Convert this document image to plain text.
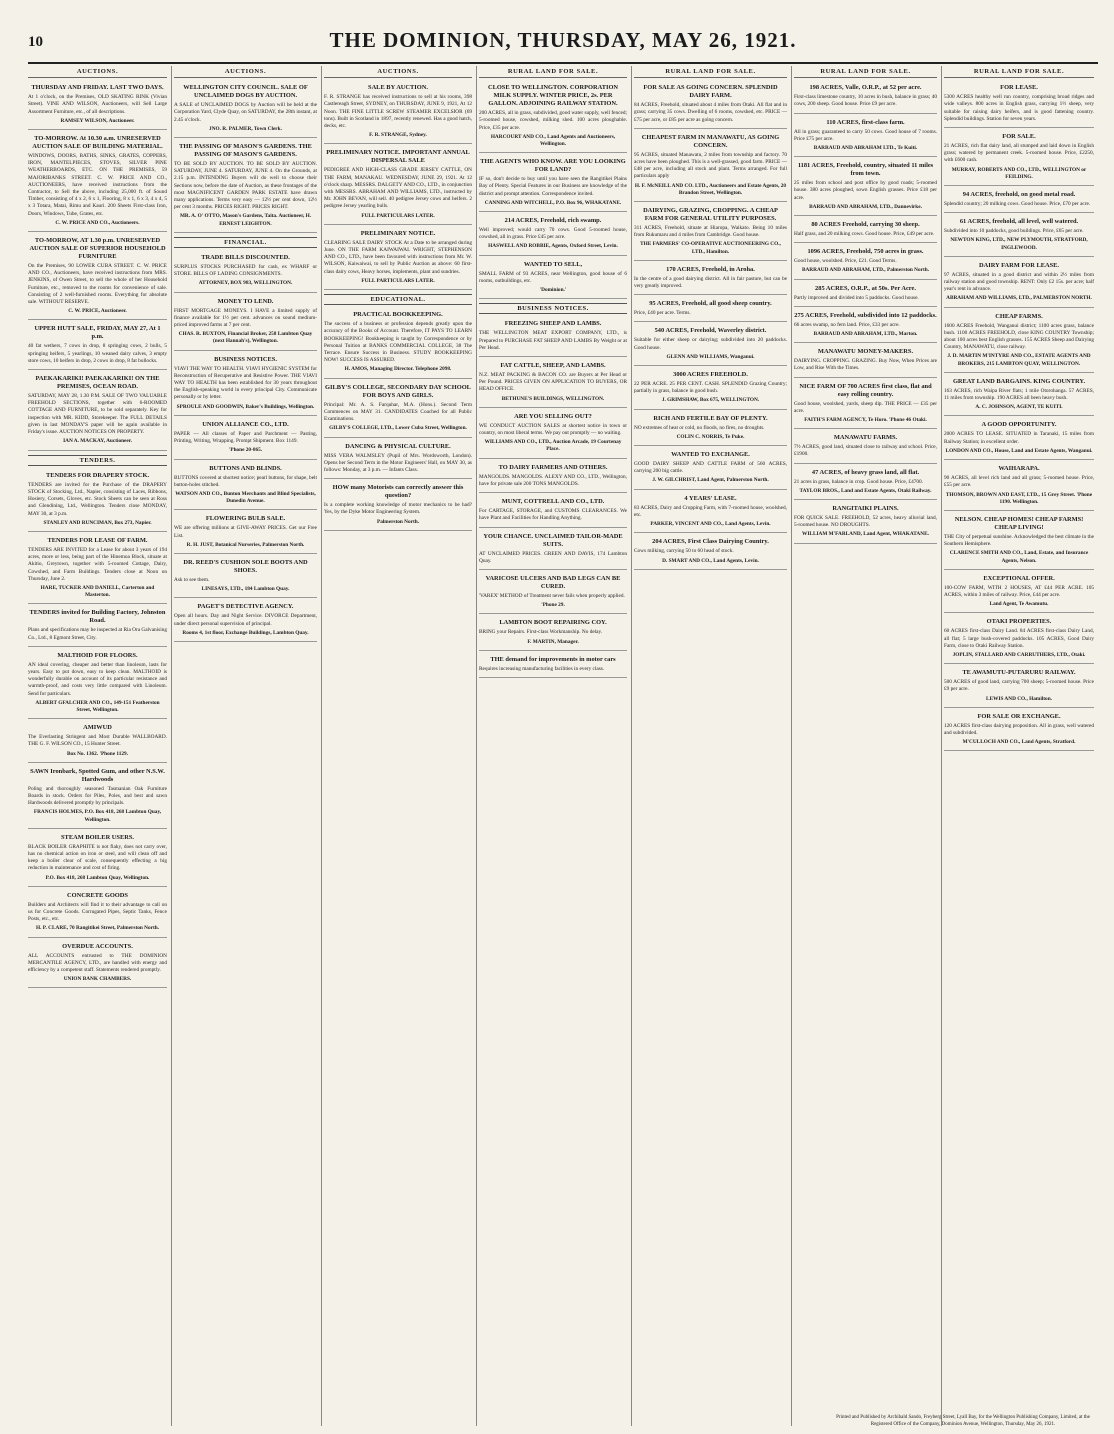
10	THE DOMINION, THURSDAY, MAY 26, 1921.
AUCTIONS.
THURSDAY AND FRIDAY. LAST TWO DAYS.
At 1 o'clock, on the Premises, OLD SKATING RINK (Vivian Street). VINE AND WILSON, Auctioneers, will Sell Large Assortment Furniture, etc., of all descriptions.
RAMSEY WILSON, Auctioneer.
TO-MORROW. At 10.30 a.m. UNRESERVED AUCTION SALE OF BUILDING MATERIAL.
WINDOWS, DOORS, BATHS, SINKS, GRATES, COPPERS, IRON, MANTELPIECES, STOVES, SILVER PINE WEATHERBOARDS, ETC. ON THE PREMISES, 59 MAJORIBANKS STREET. C. W. PRICE AND CO., AUCTIONEERS, have received instructions from the Contractor, to Sell the above, including 25,000 ft. of Sound Timber, consisting of 4 x 2, 6 x 1, Flooring, 8 x 1, 6 x 3, 4 x 4, 5 x 3 Totara, Matai, Rimu and Kauri. 200 Sheets First-class Iron, Doors, Windows, Tube, Grates, etc.
C. W. PRICE AND CO., Auctioneers.
TO-MORROW, AT 1.30 p.m. UNRESERVED AUCTION SALE OF SUPERIOR HOUSEHOLD FURNITURE
On the Premises, 90 LOWER CUBA STREET. C. W. PRICE AND CO., Auctioneers, have received instructions from MRS. JENKINS, of Owen Street, to sell the whole of her Household Furniture, etc., removed to the rooms for convenience of sale. Consisting of 2 well-furnished rooms. Everything for absolute sale. WITHOUT RESERVE.
C. W. PRICE, Auctioneer.
UPPER HUTT SALE, FRIDAY, MAY 27, At 1 p.m.
40 fat wethers, 7 cows in drop, 8 springing cows, 2 bulls, 5 springing heifers, 5 yearlings, 10 weaned dairy calves, 3 empty store cows, 10 heifers in drop, 2 cows in drop, 8 fat bullocks.
PAEKAKARIKI! PAEKAKARIKI! ON THE PREMISES, OCEAN ROAD.
SATURDAY, MAY 28, 1.30 P.M. SALE OF TWO VALUABLE FREEHOLD SECTIONS, together with 6-ROOMED COTTAGE AND FURNITURE, to be sold separately. Key for inspection with MR. KIDD, Storekeeper. The FULL DETAILS given in last MONDAY'S paper will be again available in Friday's issue. AUCTION NOTICES ON PROPERTY.
IAN A. MACKAY, Auctioneer.
TENDERS.
TENDERS FOR DRAPERY STOCK.
TENDERS are invited for the Purchase of the DRAPERY STOCK of Stocking, Ltd., Napier, consisting of Laces, Ribbons, Hosiery, Corsets, Gloves, etc. Stock Sheets can be seen at Ross and Glendining, Ltd., Wellington. Tenders close MONDAY, MAY 30, at 3 p.m.
STANLEY AND RUNCIMAN, Box 273, Napier.
TENDERS FOR LEASE OF FARM.
TENDERS ARE INVITED for a Lease for about 3 years of 194 acres, more or less, being part of the Hinemoa Block, situate at Akitio, Greytown, together with 5-roomed Cottage, Dairy, Cowshed, and Farm Buildings. Tenders close at Noon on Thursday, June 2.
HARE, TUCKER AND DANIELL, Carterton and Masterton.
TENDERS invited for Building Factory, Johnston Road.
Plans and specifications may be inspected at Ria Ora Galvanising Co., Ltd., 8 Egmont Street, City.
MALTHOID FOR FLOORS.
AN ideal covering, cheaper and better than linoleum, lasts for years. Easy to put down, easy to keep clean. MALTHOID is wonderfully durable on account of its particular resistance and warmth-proof, and costs very little compared with Linoleum. Send for particulars.
ALBERT GFALCHER AND CO., 149-151 Featherston Street, Wellington.
AMIWUD
The Everlasting Stringent and Most Durable WALLBOARD. THE G. F. WILSON CO., 15 Hunter Street.
Box No. 1362. 'Phone 1129.
SAWN Ironbark, Spotted Gum, and other N.S.W. Hardwoods
Poling and thoroughly seasoned Tasmanian Oak Furniture Boards in stock. Orders for Piles, Poles, and best and sawn Hardwoods delivered promptly by principals.
FRANCIS HOLMES, P.O. Box 418, 268 Lambton Quay, Wellington.
STEAM BOILER USERS.
BLACK BOILER GRAPHITE is not flaky, does not carry over, has no chemical action on iron or steel, and will clean off and keep a boiler clear of scale, consequently effecting a big reduction in maintenance and cost of firing.
P.O. Box 418, 268 Lambton Quay, Wellington.
CONCRETE GOODS
Builders and Architects will find it to their advantage to call on us for Concrete Goods. Corrugated Pipes, Septic Tanks, Fence Posts, etc., etc.
H. P. CLARE, 70 Rangitikei Street, Palmerston North.
OVERDUE ACCOUNTS.
ALL ACCOUNTS entrusted to THE DOMINION MERCANTILE AGENCY, LTD., are handled with energy and efficiency by a competent staff. Statements rendered promptly.
UNION BANK CHAMBERS.
AUCTIONS.
WELLINGTON CITY COUNCIL. SALE OF UNCLAIMED DOGS BY AUCTION.
A SALE of UNCLAIMED DOGS by Auction will be held at the Corporation Yard, Clyde Quay, on SATURDAY, the 28th instant, at 2.45 o'clock.
JNO. R. PALMER, Town Clerk.
THE PASSING OF MASON'S GARDENS. THE PASSING OF MASON'S GARDENS.
TO BE SOLD BY AUCTION. TO BE SOLD BY AUCTION. SATURDAY, JUNE 4. SATURDAY, JUNE 4. On the Grounds, at 2.15 p.m. INTENDING Buyers will do well to choose their Sections now, before the date of Auction, as these frontages of the most MAGNIFICENT GARDEN PARK ESTATE have drawn many applications. Terms very easy — 12½ per cent down, 12½ per cent 3 months. PRICES RIGHT. PRICES RIGHT.
MR. A. O' OTTO, Mason's Gardens, Taita. Auctioneer, H. ERNEST LEIGHTON.
FINANCIAL.
TRADE BILLS DISCOUNTED.
SURPLUS STOCKS PURCHASED for cash, ex WHARF or STORE. BILLS OF LADING CONSIGNMENTS.
ATTORNEY, BOX 983, WELLINGTON.
MONEY TO LEND.
FIRST MORTGAGE MONEYS. I HAVE a limited supply of finance available for 1½ per cent. advances on sound medium-priced improved farms at 7 per cent.
CHAS. R. BUXTON, Financial Broker, 258 Lambton Quay (next Hannah's), Wellington.
BUSINESS NOTICES.
VIAVI THE WAY TO HEALTH. VIAVI HYGIENIC SYSTEM for Reconstruction of Recuperative and Resistive Power. THE VIAVI WAY TO HEALTH has been established for 30 years throughout the English-speaking world in every principal City. Communicate personally or by letter.
SPROULE AND GOODWIN, Baker's Buildings, Wellington.
UNION ALLIANCE CO., LTD.
PAPER — All classes of Paper and Parchment — Pasting, Printing, Writing, Wrapping. Prompt Shipment. Box 1149.
'Phone 20-865.
BUTTONS AND BLINDS.
BUTTONS covered at shortest notice; pearl buttons, for shape, belt button-holes stitched.
WATSON AND CO., Bunton Merchants and Blind Specialists, Dunedin Avenue.
FLOWERING BULB SALE.
WE are offering millions at GIVE-AWAY PRICES. Get our Free List.
R. H. JUST, Botanical Nurseries, Palmerston North.
DR. REED'S CUSHION SOLE BOOTS AND SHOES.
Ask to see them.
LINESAYS, LTD., 184 Lambton Quay.
PAGET'S DETECTIVE AGENCY.
Open all hours. Day and Night Service. DIVORCE Department, under direct personal supervision of principal.
Rooms 4, 1st floor, Exchange Buildings, Lambton Quay.
AUCTIONS.
SALE BY AUCTION.
F. R. STRANGE has received instructions to sell at his rooms, 398 Castlereagh Street, SYDNEY, on THURSDAY, JUNE 9, 1921, At 12 Noon. THE FINE LITTLE SCREW STEAMER EXCELSIOR (69 tons). Built in Scotland in 1897, recently renewed. Has a good hatch, decks, etc.
F. R. STRANGE, Sydney.
PRELIMINARY NOTICE. IMPORTANT ANNUAL DISPERSAL SALE
PEDIGREE AND HIGH-CLASS GRADE JERSEY CATTLE, ON THE FARM, MANAKAU. WEDNESDAY, JUNE 29, 1921. At 12 o'clock sharp. MESSRS. DALGETY AND CO., LTD., in conjunction with MESSRS. ABRAHAM AND WILLIAMS, LTD., instructed by Mr. JOHN BEVAN, will sell. 40 pedigree Jersey cows and heifers. 2 pedigree Jersey yearling bulls.
FULL PARTICULARS LATER.
PRELIMINARY NOTICE.
CLEARING SALE DAIRY STOCK At a Date to be arranged during June. ON THE FARM KAIWAIWAI. WRIGHT, STEPHENSON AND CO., LTD., have been favoured with instructions from Mr. W. WILSON, Kaiwaiwai, to sell by Public Auction as above: 60 first-class dairy cows, Heavy horses, implements, plant and sundries.
FULL PARTICULARS LATER.
EDUCATIONAL.
PRACTICAL BOOKKEEPING.
The success of a business or profession depends greatly upon the accuracy of the Books of Account. Therefore, IT PAYS TO LEARN BOOKKEEPING! Bookkeeping is taught by Correspondence or by Personal Tuition at BANKS COMMERCIAL COLLEGE, 38 The Terrace. Ensure Success in Business. STUDY BOOKKEEPING NOW! SUCCESS IS ASSURED.
H. AMOS, Managing Director. Telephone 2098.
GILBY'S COLLEGE, SECONDARY DAY SCHOOL FOR BOYS AND GIRLS.
Principal: Mr. A. S. Farquhar, M.A. (Hons.). Second Term Commences on MAY 31. CANDIDATES Coached for all Public Examinations.
GILBY'S COLLEGE, LTD., Lower Cuba Street, Wellington.
DANCING & PHYSICAL CULTURE.
MISS VERA WALMSLEY (Pupil of Mrs. Wordsworth, London). Opens her Second Term in the Motor Engineers' Hall, on MAY 30, as follows: Monday, at 3 p.m. — Infants Class.
HOW many Motorists can correctly answer this question?
Is a complete working knowledge of motor mechanics to be had? Yes, by the Dyke Motor Engineering System.
Palmerston North.
RURAL LAND FOR SALE.
CLOSE TO WELLINGTON. CORPORATION MILK SUPPLY. WINTER PRICE, 2s. PER GALLON. ADJOINING RAILWAY STATION.
200 ACRES, all in grass, subdivided, good water supply, well fenced; 5-roomed house, cowshed, milking shed. 100 acres ploughable. Price, £35 per acre.
HARCOURT AND CO., Land Agents and Auctioneers, Wellington.
THE AGENTS WHO KNOW. ARE YOU LOOKING FOR LAND?
IF so, don't decide to buy until you have seen the Rangitikei Plains Bay of Plenty. Special Features in our Business are knowledge of the district and prompt attention. Correspondence invited.
CANNING AND WITCHELL, P.O. Box 96, WHAKATANE.
214 ACRES, Freehold, rich swamp.
Well improved; would carry 70 cows. Good 5-roomed house, cowshed, all in grass. Price £45 per acre.
HASWELL AND ROBBIE, Agents, Oxford Street, Levin.
WANTED TO SELL,
SMALL FARM of 93 ACRES, near Wellington, good house of 6 rooms, outbuildings, etc.
'Dominion.'
BUSINESS NOTICES.
FREEZING SHEEP AND LAMBS.
THE WELLINGTON MEAT EXPORT COMPANY, LTD., is Prepared to PURCHASE FAT SHEEP AND LAMBS By Weight or at Per Head.
FAT CATTLE, SHEEP, AND LAMBS.
N.Z. MEAT PACKING & BACON CO. are Buyers at Per Head or Per Pound. PRICES GIVEN ON APPLICATION TO BUYERS, OR HEAD OFFICE.
BETHUNE'S BUILDINGS, WELLINGTON.
ARE YOU SELLING OUT?
WE CONDUCT AUCTION SALES at shortest notice in town or country, on most liberal terms. We pay out promptly — no waiting.
WILLIAMS AND CO., LTD., Auction Arcade, 19 Courtenay Place.
TO DAIRY FARMERS AND OTHERS.
MANGOLDS. MANGOLDS. ALEXY AND CO., LTD., Wellington, have for private sale 200 TONS MANGOLDS.
MUNT, COTTRELL AND CO., LTD.
For CARTAGE, STORAGE, and CUSTOMS CLEARANCES. We have Plant and Facilities for Handling Anything.
YOUR CHANCE. UNCLAIMED TAILOR-MADE SUITS.
AT UNCLAIMED PRICES. GREEN AND DAVIS, 174 Lambton Quay.
VARICOSE ULCERS AND BAD LEGS CAN BE CURED.
'VAREX' METHOD of Treatment never fails when properly applied.
'Phone 29.
LAMBTON BOOT REPAIRING COY.
BRING your Repairs. First-class Workmanship. No delay.
F. MARTIN, Manager.
THE demand for improvements in motor cars
Requires increasing manufacturing facilities in every class.
RURAL LAND FOR SALE.
FOR SALE AS GOING CONCERN. SPLENDID DAIRY FARM.
84 ACRES, Freehold, situated about 4 miles from Otaki. All flat and in grass; carrying 35 cows. Dwelling of 6 rooms, cowshed, etc. PRICE — £75 per acre, or £85 per acre as going concern.
CHEAPEST FARM IN MANAWATU, AS GOING CONCERN.
95 ACRES, situated Manawatu, 2 miles from township and factory. 70 acres have been ploughed. This is a well-grassed, good farm. PRICE — £48 per acre, including all stock and plant. Terms arranged. For full particulars apply
H. F. McNEILL AND CO. LTD., Auctioneers and Estate Agents, 20 Brandon Street, Wellington.
DAIRYING, GRAZING, CROPPING. A CHEAP FARM FOR GENERAL UTILITY PURPOSES.
311 ACRES, Freehold, situate at Hiaropa, Waikato. Being 10 miles from Rukumaru and 4 miles from Cambridge. Good house.
THE FARMERS' CO-OPERATIVE AUCTIONEERING CO., LTD., Hamilton.
170 ACRES, Freehold, in Aroha.
In the centre of a good dairying district. All in fair pasture, but can be very greatly improved.
95 ACRES, Freehold, all good sheep country.
Price, £40 per acre. Terms.
540 ACRES, Freehold, Waverley district.
Suitable for either sheep or dairying; subdivided into 20 paddocks. Good house.
GLENN AND WILLIAMS, Wanganui.
3000 ACRES FREEHOLD.
22 PER ACRE. 25 PER CENT. CASH. SPLENDID Grazing Country; partially in grass, balance in good bush.
J. GRIMSHAW, Box 675, WELLINGTON.
RICH AND FERTILE BAY OF PLENTY.
NO extremes of heat or cold, no floods, no fires, no droughts.
COLIN C. NORRIS, Te Puke.
WANTED TO EXCHANGE.
GOOD DAIRY SHEEP AND CATTLE FARM of 560 ACRES, carrying 200 big cattle.
J. W. GILCHRIST, Land Agent, Palmerston North.
4 YEARS' LEASE.
83 ACRES, Dairy and Cropping Farm, with 7-roomed house, woolshed, etc.
PARKER, VINCENT AND CO., Land Agents, Levin.
204 ACRES, First Class Dairying Country.
Cows milking, carrying 50 to 60 head of stock.
D. SMART AND CO., Land Agents, Levin.
RURAL LAND FOR SALE.
198 ACRES, Valle, O.R.P., at 52 per acre.
First-class limestone country, 10 acres in bush, balance in grass; 40 cows, 200 sheep. Good house. Price £9 per acre.
110 ACRES, first-class farm.
All in grass; guaranteed to carry 50 cows. Good house of 7 rooms. Price £75 per acre.
BARRAUD AND ABRAHAM LTD., Te Kuiti.
1181 ACRES, Freehold, country, situated 11 miles from town.
25 miles from school and post office by good roads; 5-roomed house. 380 acres ploughed, sown English grasses. Price £18 per acre.
BARRAUD AND ABRAHAM, LTD., Dannevirke.
80 ACRES Freehold, carrying 30 sheep.
Half grass, and 20 milking cows. Good house. Price, £49 per acre.
1096 ACRES, Freehold, 750 acres in grass.
Good house, woolshed. Price, £21. Good Terms.
BARRAUD AND ABRAHAM, LTD., Palmerston North.
285 ACRES, O.R.P., at 50s. Per Acre.
Partly improved and divided into 5 paddocks. Good house.
275 ACRES, Freehold, subdivided into 12 paddocks.
66 acres swamp, no fern land. Price, £33 per acre.
BARRAUD AND ABRAHAM, LTD., Marton.
MANAWATU MONEY-MAKERS.
DAIRYING. CROPPING. GRAZING. Buy Now, When Prices are Low, and Rise With the Times.
NICE FARM OF 700 ACRES first class, flat and easy rolling country.
Good house, woolshed, yards, sheep dip. THE PRICE — £35 per acre.
FAITH'S FARM AGENCY, Te Horo. 'Phone 46 Otaki.
MANAWATU FARMS.
7½ ACRES, good land, situated close to railway and school. Price, £1900.
47 ACRES, of heavy grass land, all flat.
21 acres in grass, balance in crop. Good house. Price, £4700.
TAYLOR BROS., Land and Estate Agents, Otaki Railway.
RANGITAIKI PLAINS.
FOR QUICK SALE. FREEHOLD, 52 acres, heavy alluvial land, 5-roomed house. NO DROUGHTS.
WILLIAM M'FARLAND, Land Agent, WHAKATANE.
RURAL LAND FOR SALE.
FOR LEASE.
5300 ACRES healthy well run country, comprising broad ridges and wide valleys. 800 acres in English grass, carrying 1½ sheep, very suitable for raising dairy heifers, and is good fattening country. Splendid buildings. Station for seven years.
FOR SALE.
21 ACRES, rich flat dairy land, all stumped and laid down in English grass; watered by permanent creek. 5-roomed house. Price, £2250, with £600 cash.
MURRAY, ROBERTS AND CO., LTD., WELLINGTON or FEILDING.
94 ACRES, freehold, on good metal road.
Splendid country; 20 milking cows. Good house. Price, £70 per acre.
61 ACRES, freehold, all level, well watered.
Subdivided into 10 paddocks, good buildings. Price, £65 per acre.
NEWTON KING, LTD., NEW PLYMOUTH, STRATFORD, INGLEWOOD.
DAIRY FARM FOR LEASE.
97 ACRES, situated in a good district and within 2½ miles from railway station and good township. RENT: Only £2 15s. per acre; half year's rent in advance.
ABRAHAM AND WILLIAMS, LTD., PALMERSTON NORTH.
CHEAP FARMS.
1600 ACRES Freehold, Wanganui district; 1100 acres grass, balance bush. 1100 ACRES FREEHOLD, close KING COUNTRY Township; about 100 acres best English grasses. 155 ACRES Sheep and Dairying Country, MANAWATU, close railway.
J. D. MARTIN M'INTYRE AND CO., ESTATE AGENTS AND BROKERS, 215 LAMBTON QUAY, WELLINGTON.
GREAT LAND BARGAINS. KING COUNTRY.
163 ACRES, rich Waipa River flats; 1 mile Otorohanga. 57 ACRES, 11 miles from township. 190 ACRES all been heavy bush.
A. C. JOHNSON, AGENT, TE KUITI.
A GOOD OPPORTUNITY.
2000 ACRES TO LEASE. SITUATED in Taranaki, 15 miles from Railway Station; in excellent order.
LONDON AND CO., House, Land and Estate Agents, Wanganui.
WAIHARAPA.
90 ACRES, all level rich land and all grass; 5-roomed house. Price, £55 per acre.
THOMSON, BROWN AND EAST, LTD., 15 Grey Street. 'Phone 1190. Wellington.
NELSON. CHEAP HOMES! CHEAP FARMS! CHEAP LIVING!
THE City of perpetual sunshine. Acknowledged the best climate in the Southern Hemisphere.
CLARENCE SMITH AND CO., Land, Estate, and Insurance Agents, Nelson.
EXCEPTIONAL OFFER.
100-COW FARM, WITH 2 HOUSES, AT £44 PER ACRE. 105 ACRES, within 3 miles of railway. Price, £44 per acre.
Land Agent, Te Awamutu.
OTAKI PROPERTIES.
60 ACRES first-class Dairy Land. 84 ACRES first-class Dairy Land, all flat; 5 large bush-covered paddocks. 105 ACRES, Good Dairy Farm, close to Otaki Railway Station.
JOPLIN, STALLARD AND CARRUTHERS, LTD., Otaki.
TE AWAMUTU-PUTARURU RAILWAY.
500 ACRES of good land, carrying 700 sheep; 5-roomed house. Price £9 per acre.
LEWIS AND CO., Hamilton.
FOR SALE OR EXCHANGE.
120 ACRES first-class dairying proposition. All in grass, well watered and subdivided.
M'CULLOCH AND CO., Land Agents, Stratford.
Printed and Published by Archibald Sando, Freyberg Street, Lyall Bay, for the Wellington Publishing Company, Limited, at the Registered Office of the Company, Dominion Avenue, Wellington, Thursday, May 26, 1921.
